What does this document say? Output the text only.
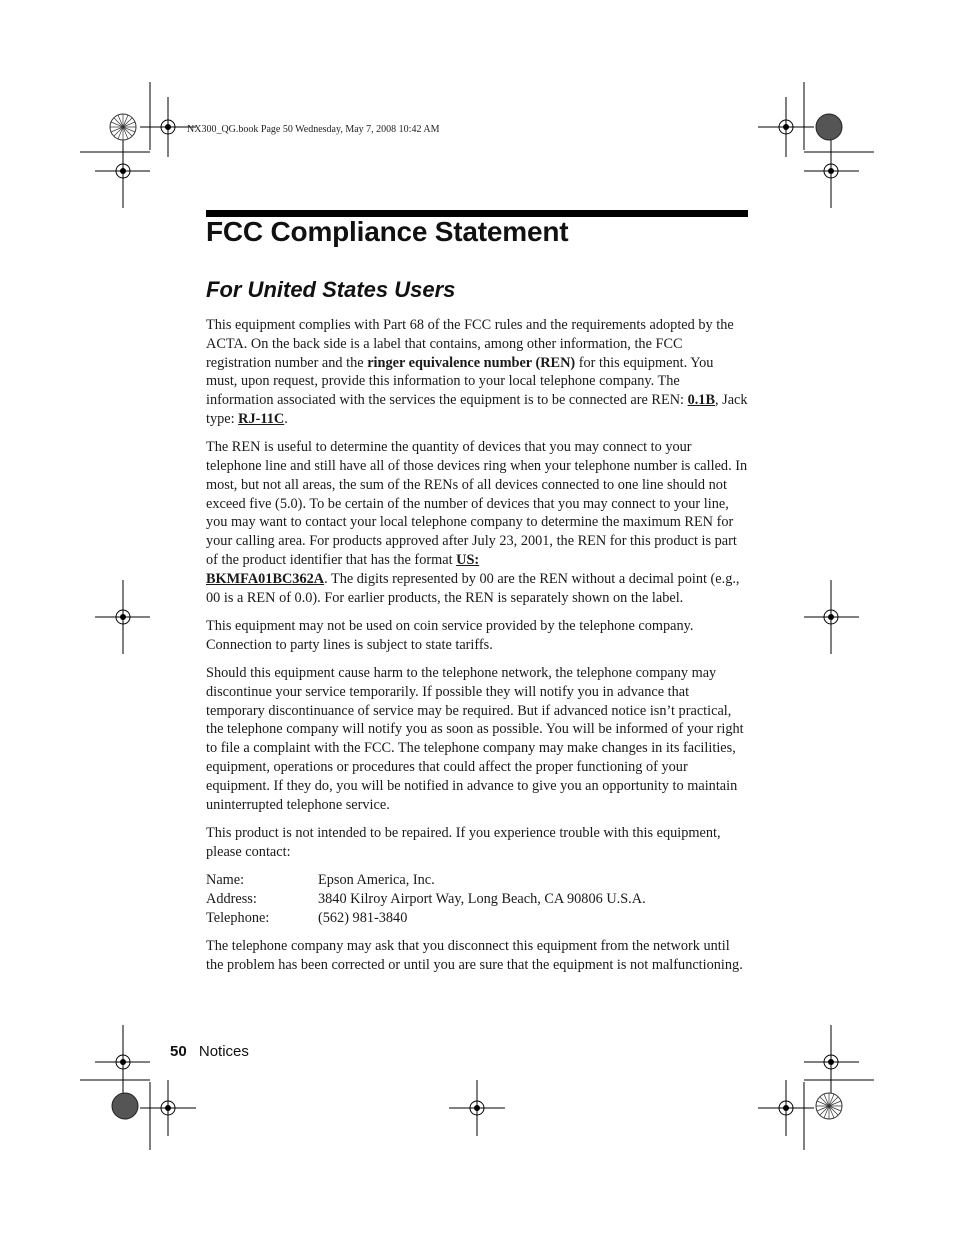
NX300_QG.book Page 50 Wednesday, May 7, 2008 10:42 AM
FCC Compliance Statement
For United States Users

This equipment complies with Part 68 of the FCC rules and the requirements adopted by the ACTA. On the back side is a label that contains, among other information, the FCC registration number and the ringer equivalence number (REN) for this equipment. You must, upon request, provide this information to your local telephone company. The information associated with the services the equipment is to be connected are REN: 0.1B, Jack type: RJ-11C.

The REN is useful to determine the quantity of devices that you may connect to your telephone line and still have all of those devices ring when your telephone number is called. In most, but not all areas, the sum of the RENs of all devices connected to one line should not exceed five (5.0). To be certain of the number of devices that you may connect to your line, you may want to contact your local telephone company to determine the maximum REN for your calling area. For products approved after July 23, 2001, the REN for this product is part of the product identifier that has the format US:
BKMFA01BC362A. The digits represented by 00 are the REN without a decimal point (e.g., 00 is a REN of 0.0). For earlier products, the REN is separately shown on the label.

This equipment may not be used on coin service provided by the telephone company. Connection to party lines is subject to state tariffs.

Should this equipment cause harm to the telephone network, the telephone company may discontinue your service temporarily. If possible they will notify you in advance that temporary discontinuance of service may be required. But if advanced notice isn’t practical, the telephone company will notify you as soon as possible. You will be informed of your right to file a complaint with the FCC. The telephone company may make changes in its facilities, equipment, operations or procedures that could affect the proper functioning of your equipment. If they do, you will be notified in advance to give you an opportunity to maintain uninterrupted telephone service.

This product is not intended to be repaired. If you experience trouble with this equipment, please contact:

Name:	Epson America, Inc.
Address:	3840 Kilroy Airport Way, Long Beach, CA 90806 U.S.A.
Telephone:	(562) 981-3840

The telephone company may ask that you disconnect this equipment from the network until the problem has been corrected or until you are sure that the equipment is not malfunctioning.

50 Notices
